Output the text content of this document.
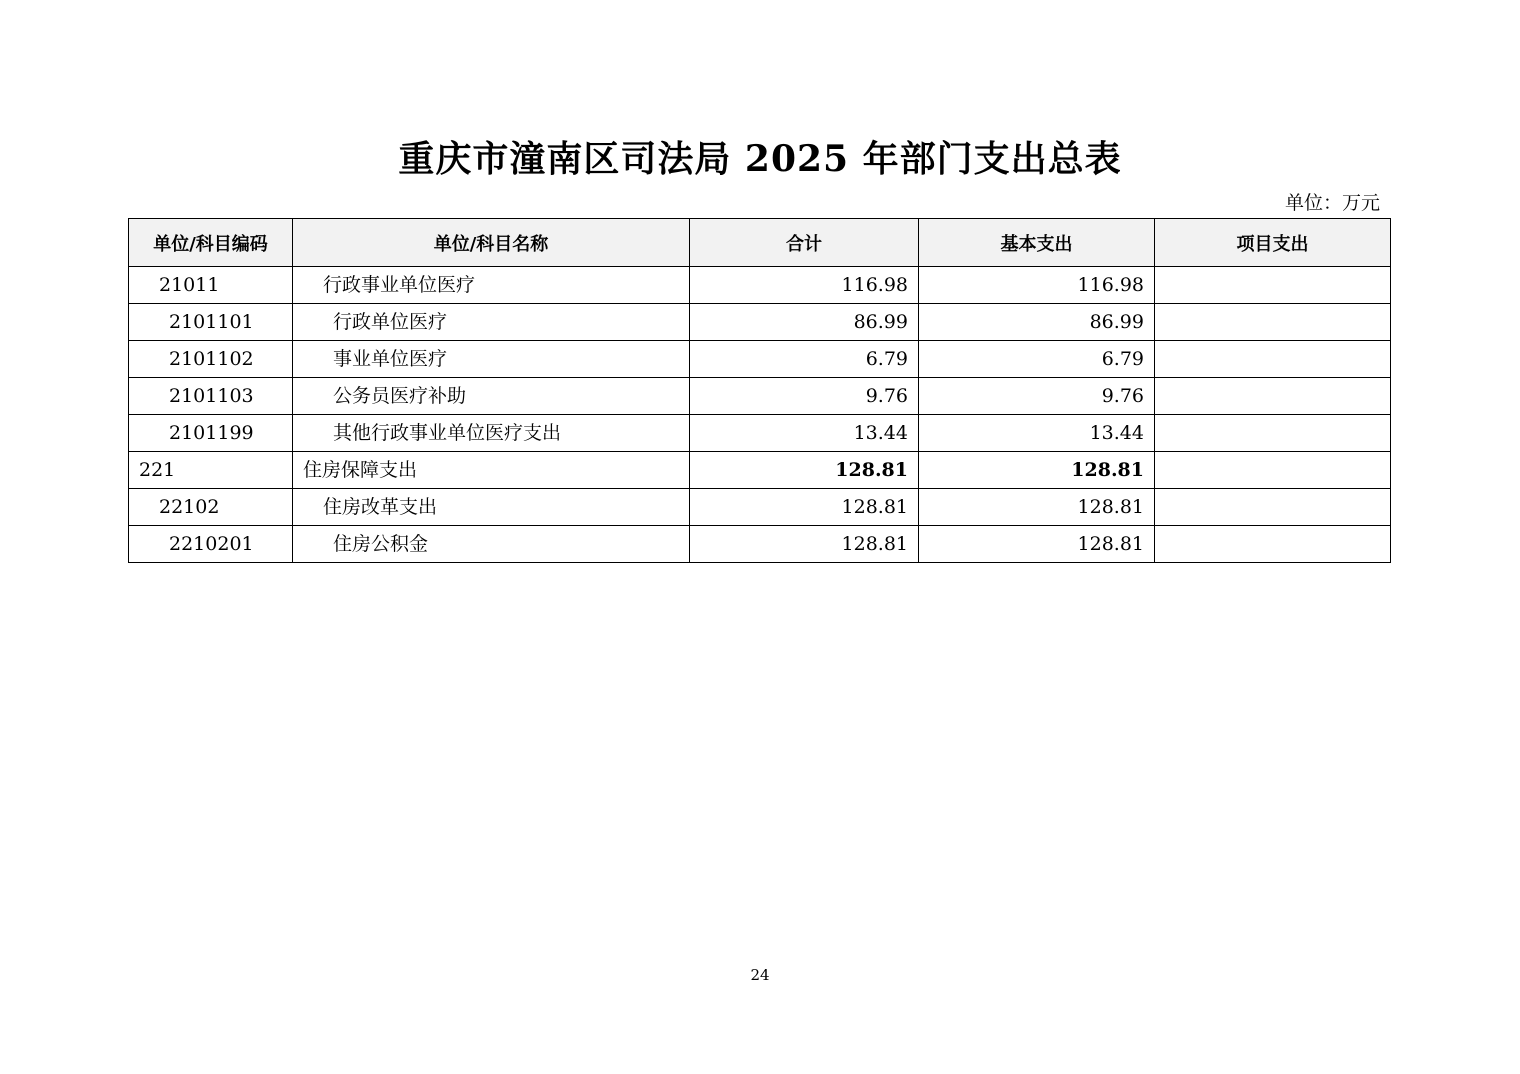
重庆市潼南区司法局 2025 年部门支出总表
单位：万元
单位/科目编码	单位/科目名称	合计	基本支出	项目支出
21011	行政事业单位医疗	116.98	116.98	
2101101	行政单位医疗	86.99	86.99	
2101102	事业单位医疗	6.79	6.79	
2101103	公务员医疗补助	9.76	9.76	
2101199	其他行政事业单位医疗支出	13.44	13.44	
221	住房保障支出	128.81	128.81	
22102	住房改革支出	128.81	128.81	
2210201	住房公积金	128.81	128.81	
24
